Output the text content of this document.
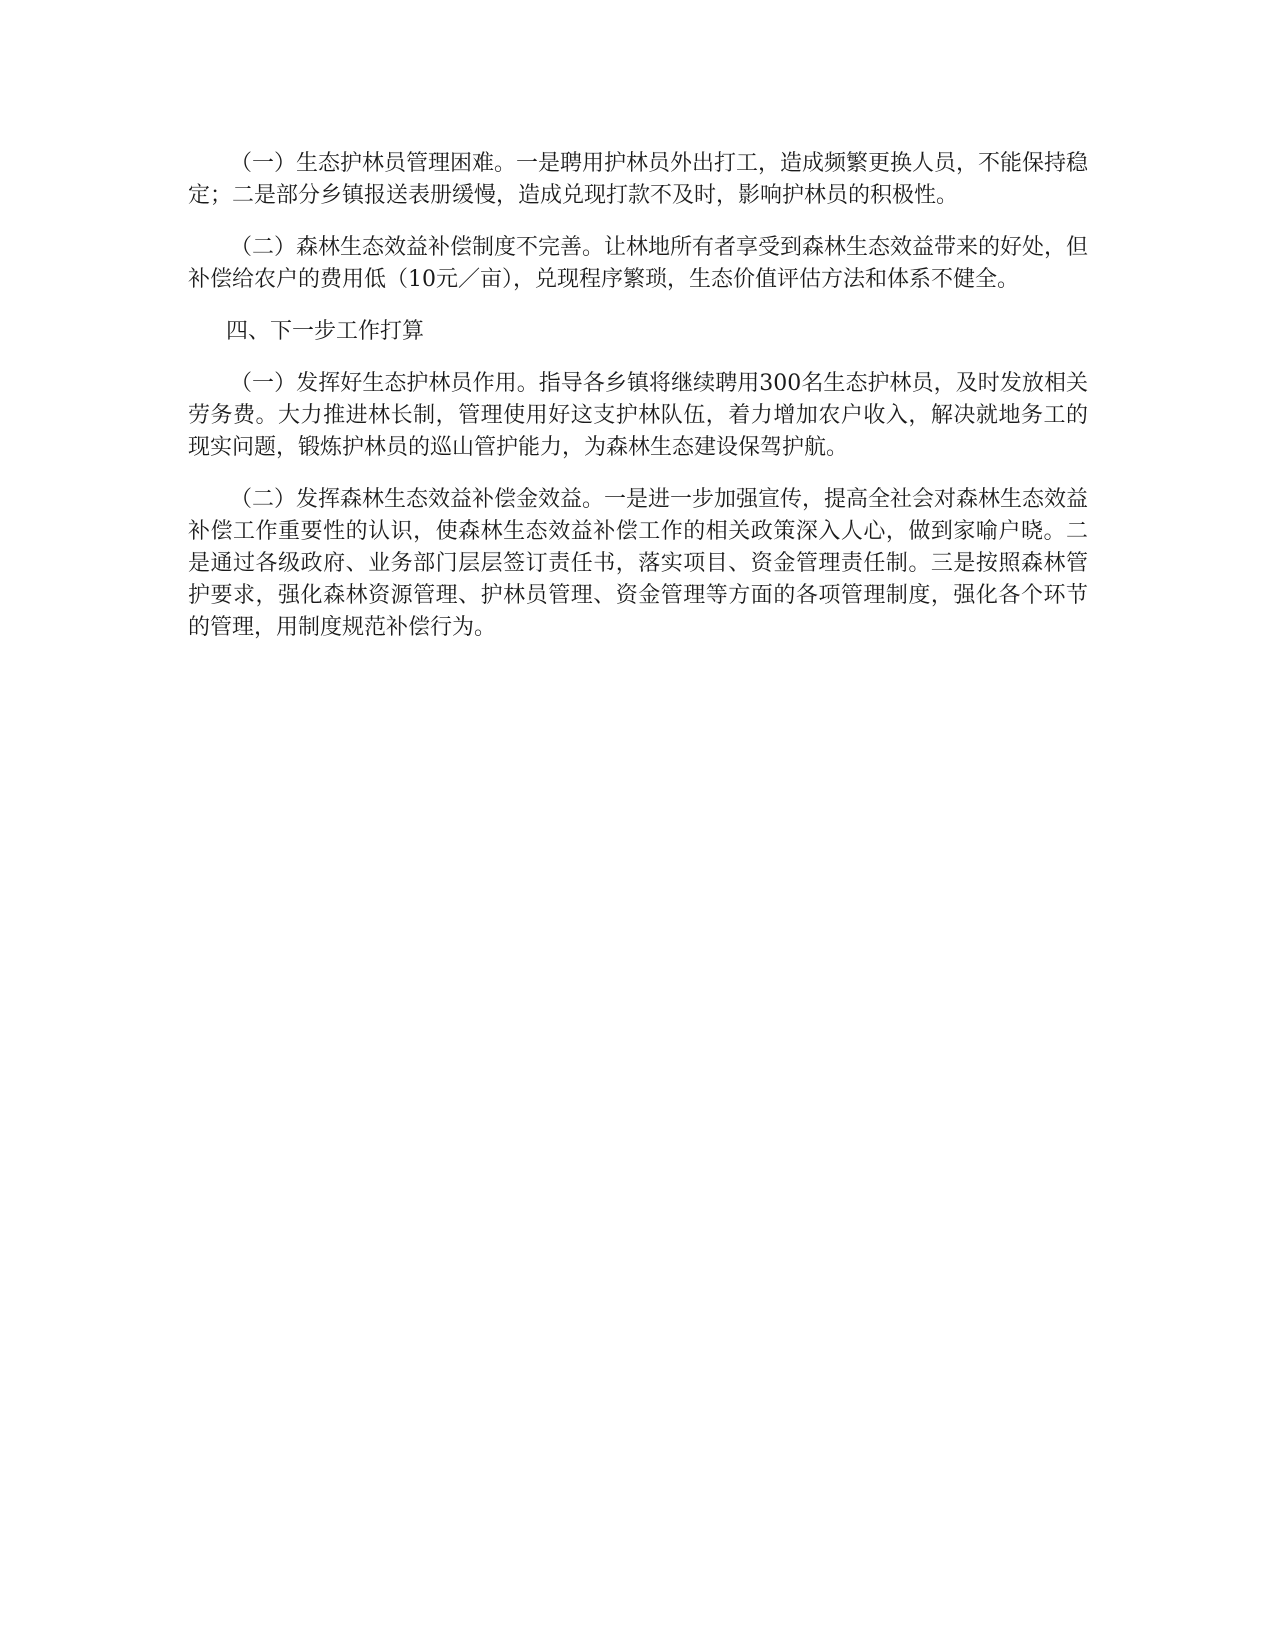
（一）生态护林员管理困难。一是聘用护林员外出打工，造成频繁更换人员，不能保持稳定；二是部分乡镇报送表册缓慢，造成兑现打款不及时，影响护林员的积极性。

（二）森林生态效益补偿制度不完善。让林地所有者享受到森林生态效益带来的好处，但补偿给农户的费用低（10元／亩），兑现程序繁琐，生态价值评估方法和体系不健全。

四、下一步工作打算

（一）发挥好生态护林员作用。指导各乡镇将继续聘用300名生态护林员，及时发放相关劳务费。大力推进林长制，管理使用好这支护林队伍，着力增加农户收入，解决就地务工的现实问题，锻炼护林员的巡山管护能力，为森林生态建设保驾护航。

（二）发挥森林生态效益补偿金效益。一是进一步加强宣传，提高全社会对森林生态效益补偿工作重要性的认识，使森林生态效益补偿工作的相关政策深入人心，做到家喻户晓。二是通过各级政府、业务部门层层签订责任书，落实项目、资金管理责任制。三是按照森林管护要求，强化森林资源管理、护林员管理、资金管理等方面的各项管理制度，强化各个环节的管理，用制度规范补偿行为。
